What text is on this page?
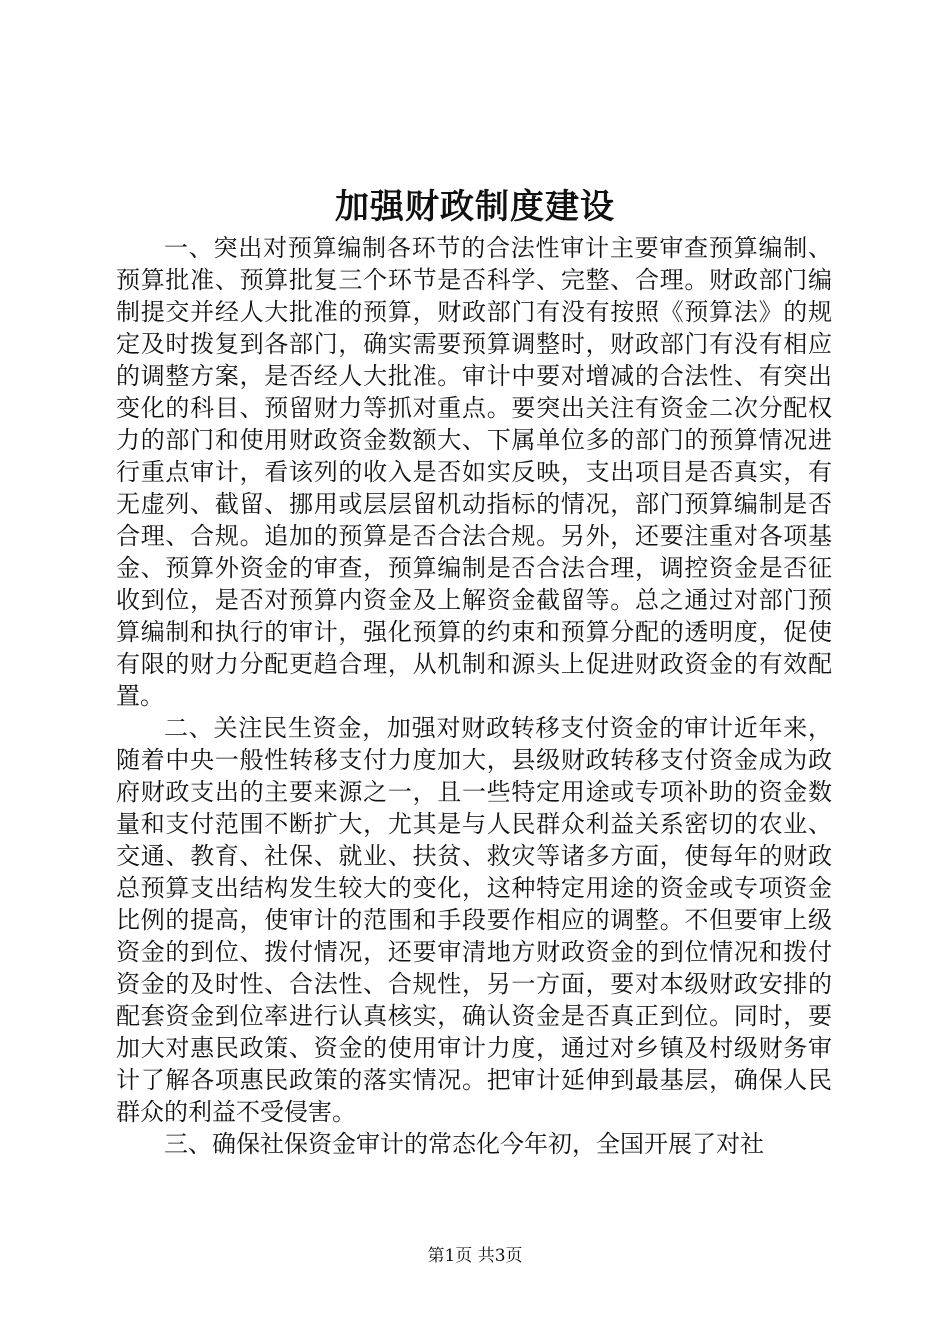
加强财政制度建设

一、突出对预算编制各环节的合法性审计主要审查预算编制、预算批准、预算批复三个环节是否科学、完整、合理。财政部门编制提交并经人大批准的预算，财政部门有没有按照《预算法》的规定及时拨复到各部门，确实需要预算调整时，财政部门有没有相应的调整方案，是否经人大批准。审计中要对增减的合法性、有突出变化的科目、预留财力等抓对重点。要突出关注有资金二次分配权力的部门和使用财政资金数额大、下属单位多的部门的预算情况进行重点审计，看该列的收入是否如实反映，支出项目是否真实，有无虚列、截留、挪用或层层留机动指标的情况，部门预算编制是否合理、合规。追加的预算是否合法合规。另外，还要注重对各项基金、预算外资金的审查，预算编制是否合法合理，调控资金是否征收到位，是否对预算内资金及上解资金截留等。总之通过对部门预算编制和执行的审计，强化预算的约束和预算分配的透明度，促使有限的财力分配更趋合理，从机制和源头上促进财政资金的有效配置。

二、关注民生资金，加强对财政转移支付资金的审计近年来，随着中央一般性转移支付力度加大，县级财政转移支付资金成为政府财政支出的主要来源之一，且一些特定用途或专项补助的资金数量和支付范围不断扩大，尤其是与人民群众利益关系密切的农业、交通、教育、社保、就业、扶贫、救灾等诸多方面，使每年的财政总预算支出结构发生较大的变化，这种特定用途的资金或专项资金比例的提高，使审计的范围和手段要作相应的调整。不但要审上级资金的到位、拨付情况，还要审清地方财政资金的到位情况和拨付资金的及时性、合法性、合规性，另一方面，要对本级财政安排的配套资金到位率进行认真核实，确认资金是否真正到位。同时，要加大对惠民政策、资金的使用审计力度，通过对乡镇及村级财务审计了解各项惠民政策的落实情况。把审计延伸到最基层，确保人民群众的利益不受侵害。

三、确保社保资金审计的常态化今年初，全国开展了对社

第1页 共3页
